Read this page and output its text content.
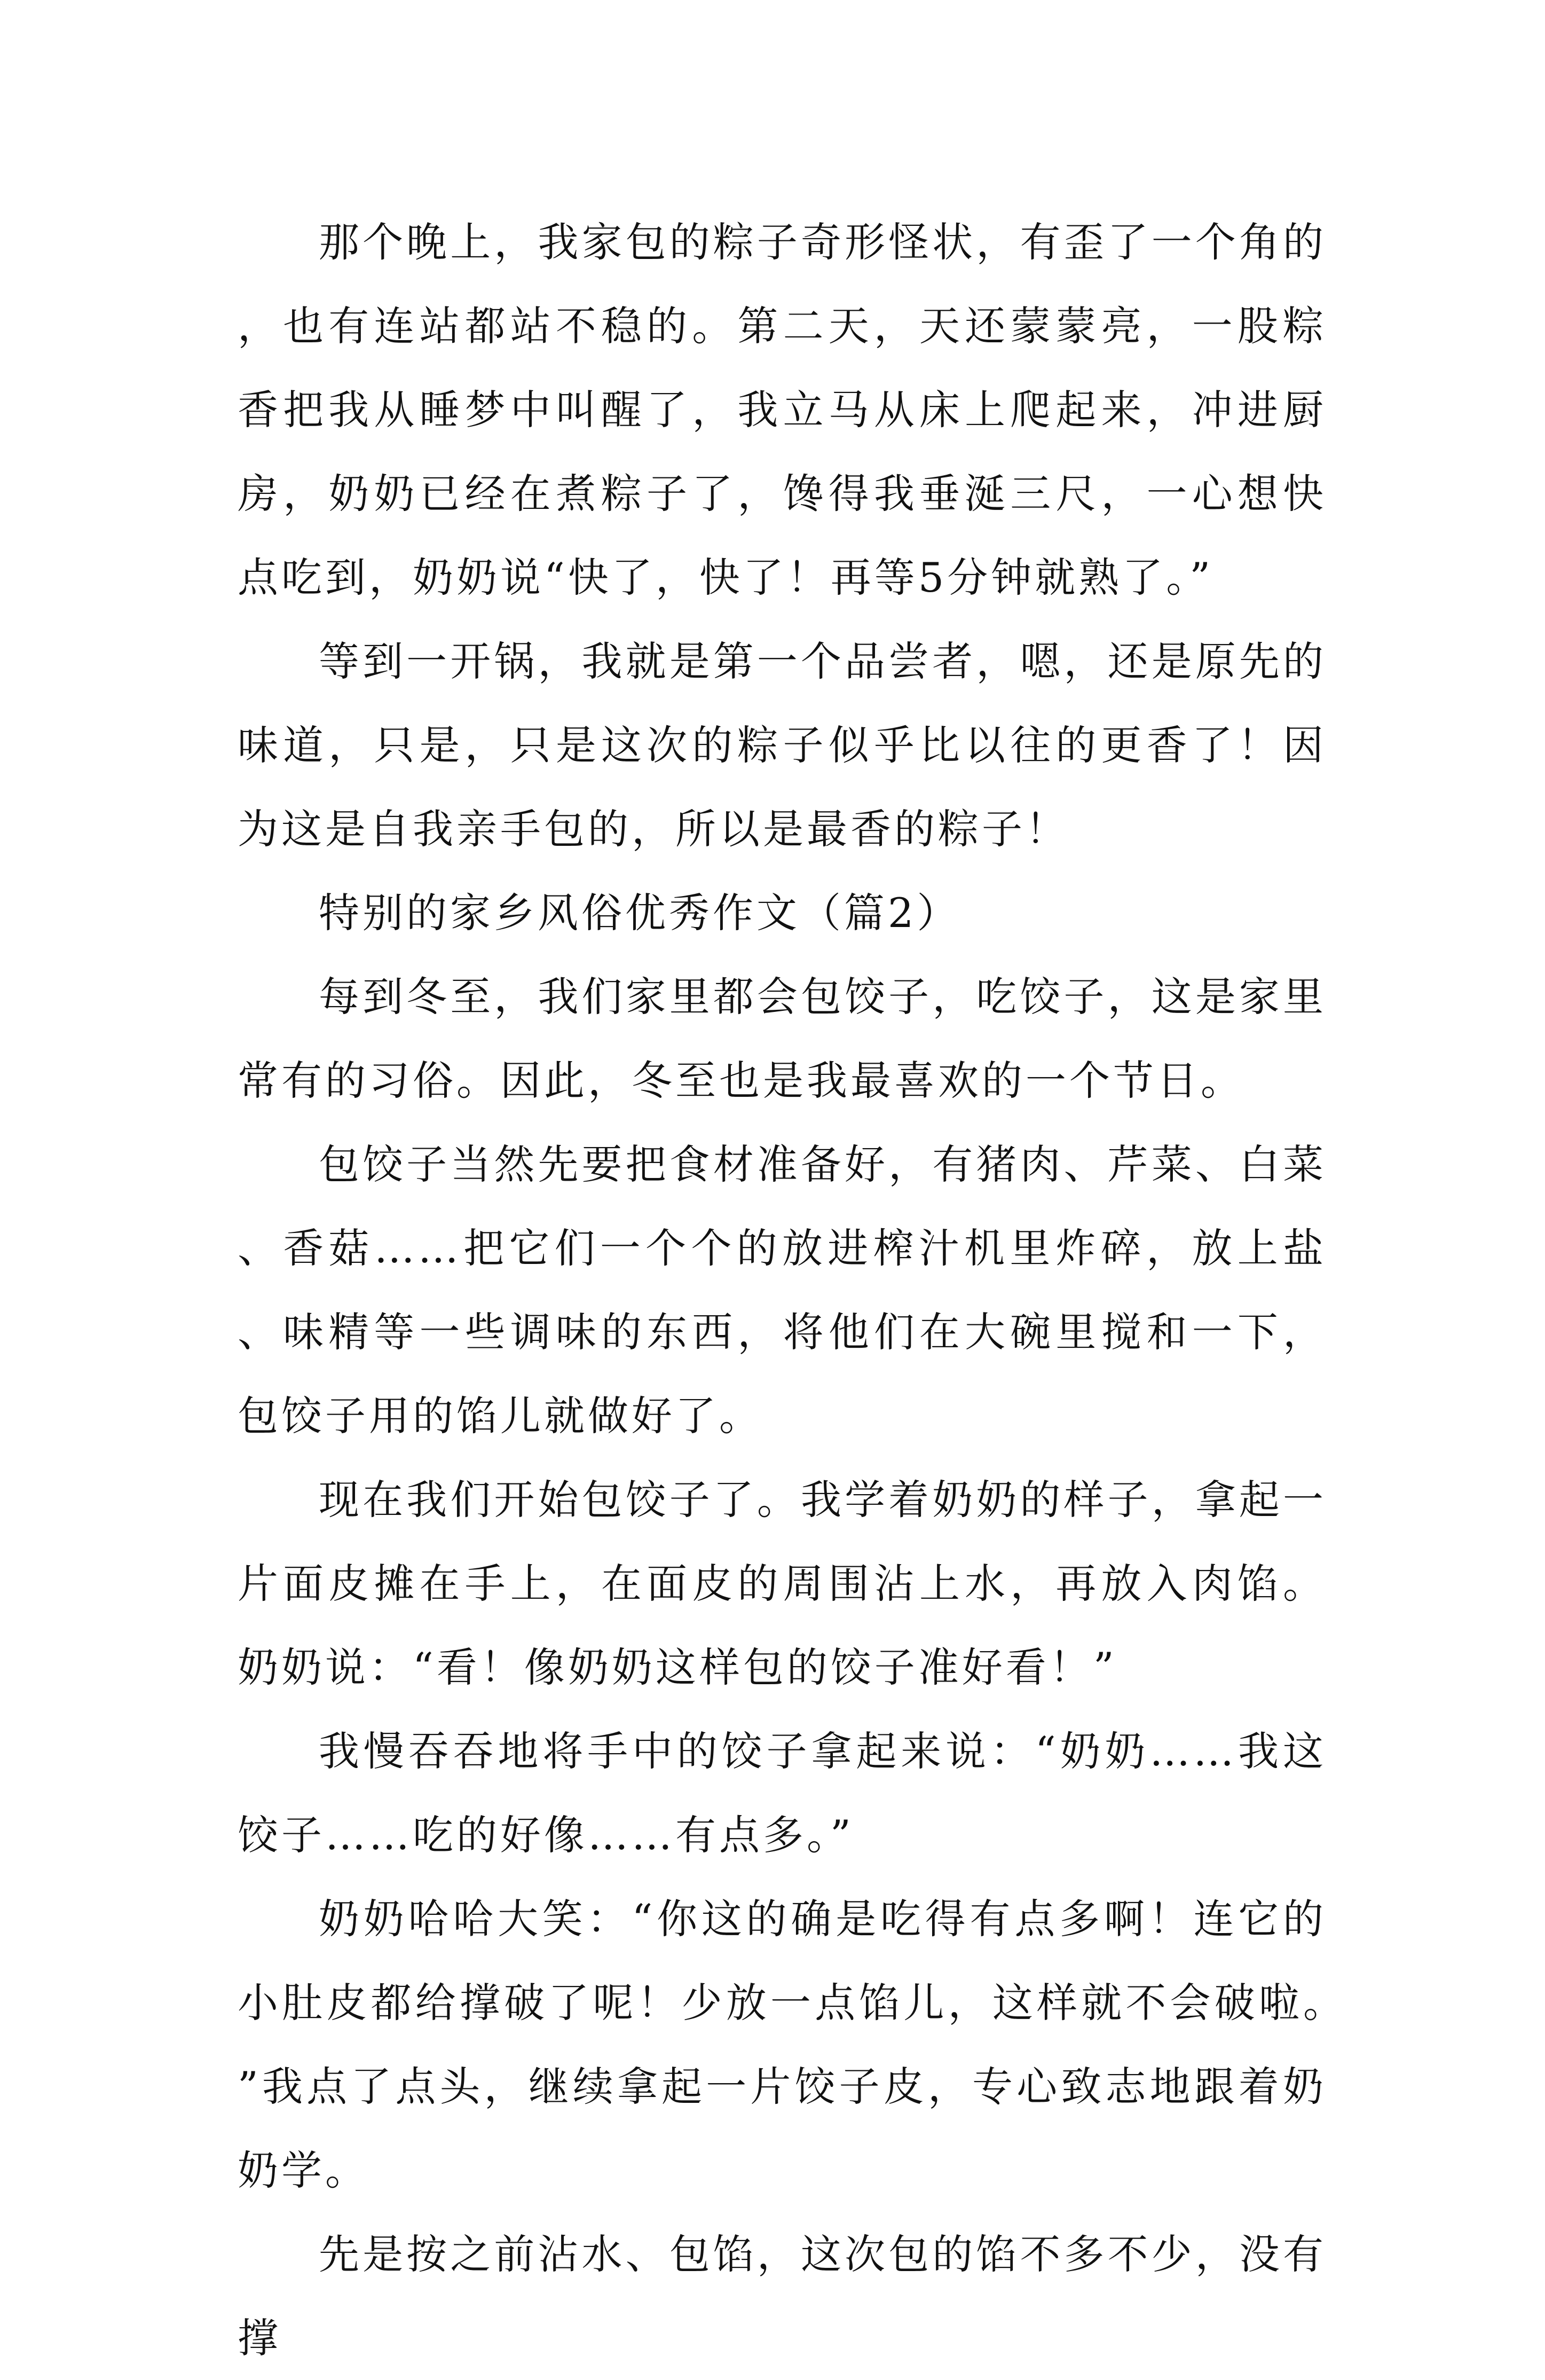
那个晚上，我家包的粽子奇形怪状，有歪了一个角的，也有连站都站不稳的。第二天，天还蒙蒙亮，一股粽香把我从睡梦中叫醒了，我立马从床上爬起来，冲进厨房，奶奶已经在煮粽子了，馋得我垂涎三尺，一心想快点吃到，奶奶说“快了，快了！再等5分钟就熟了。”

等到一开锅，我就是第一个品尝者，嗯，还是原先的味道，只是，只是这次的粽子似乎比以往的更香了！因为这是自我亲手包的，所以是最香的粽子！

特别的家乡风俗优秀作文（篇2）

每到冬至，我们家里都会包饺子，吃饺子，这是家里常有的习俗。因此，冬至也是我最喜欢的一个节日。

包饺子当然先要把食材准备好，有猪肉、芹菜、白菜、香菇……把它们一个个的放进榨汁机里炸碎，放上盐、味精等一些调味的东西，将他们在大碗里搅和一下，包饺子用的馅儿就做好了。

现在我们开始包饺子了。我学着奶奶的样子，拿起一片面皮摊在手上，在面皮的周围沾上水，再放入肉馅。奶奶说：“看！像奶奶这样包的饺子准好看！”

我慢吞吞地将手中的饺子拿起来说：“奶奶……我这饺子……吃的好像……有点多。”

奶奶哈哈大笑：“你这的确是吃得有点多啊！连它的小肚皮都给撑破了呢！少放一点馅儿，这样就不会破啦。”我点了点头，继续拿起一片饺子皮，专心致志地跟着奶奶学。

先是按之前沾水、包馅，这次包的馅不多不少，没有撑
